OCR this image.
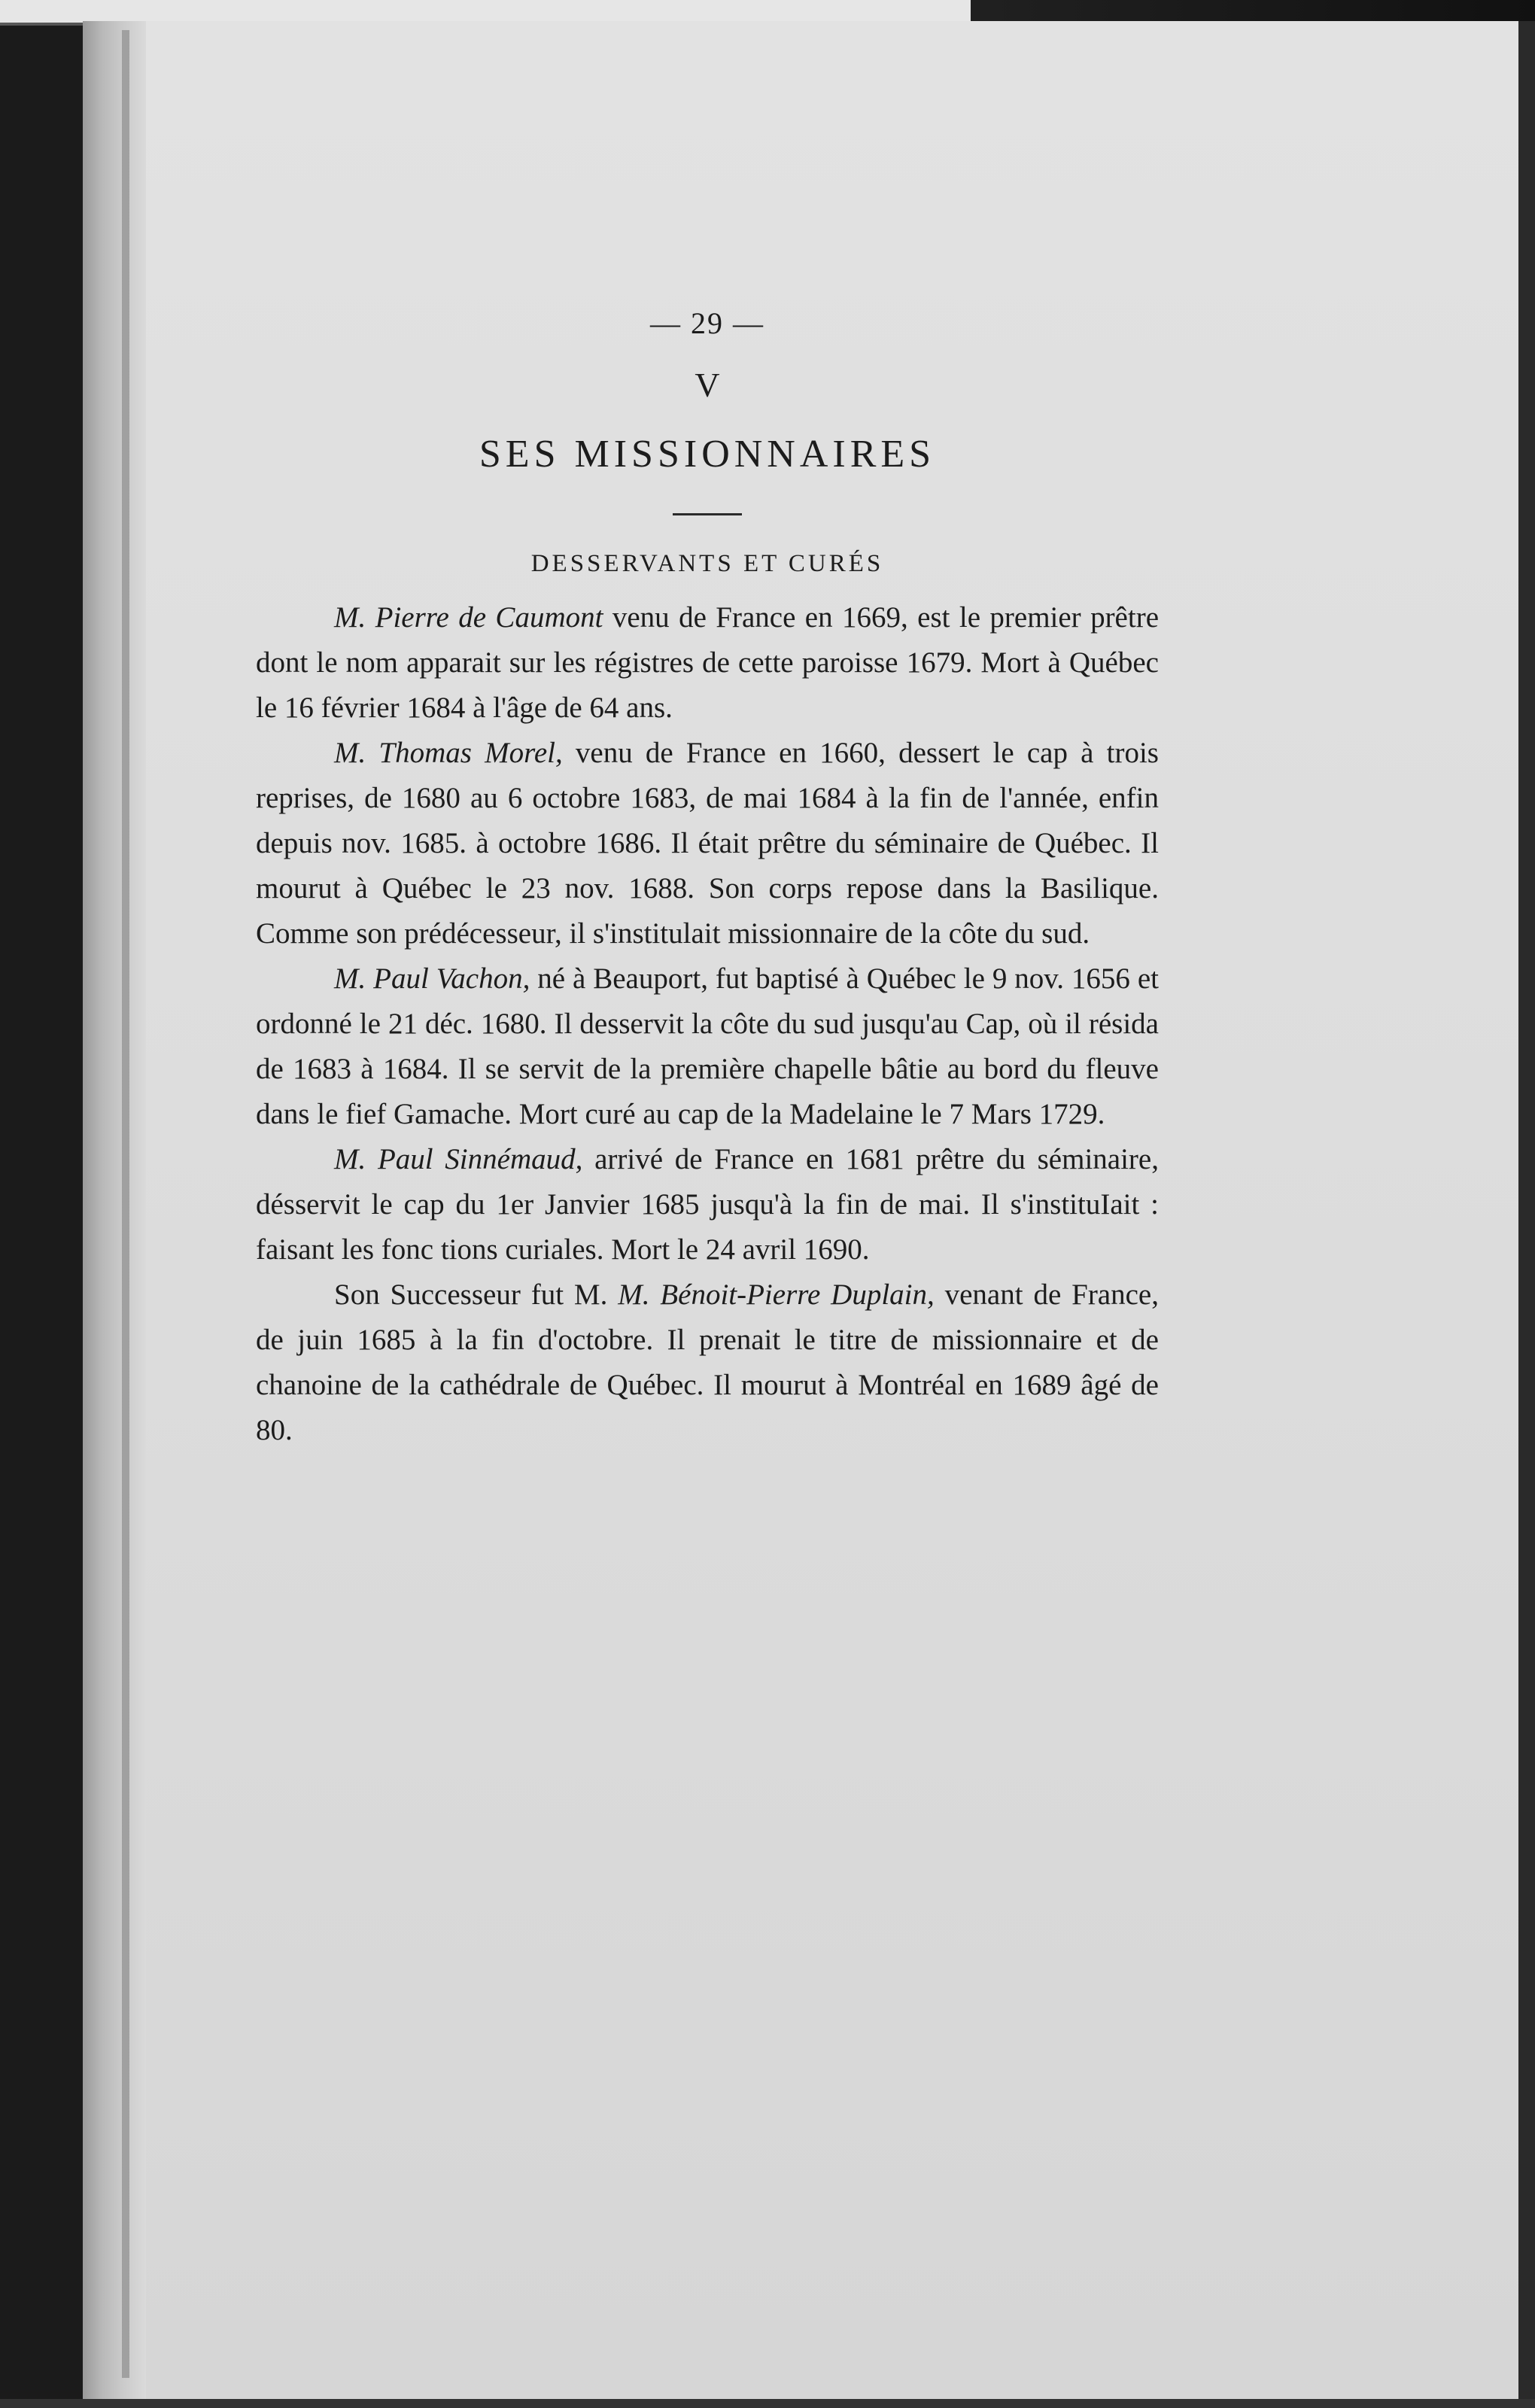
— 29 —

V

SES MISSIONNAIRES

DESSERVANTS ET CURÉS

M. Pierre de Caumont venu de France en 1669, est le premier prêtre dont le nom apparait sur les régistres de cette paroisse 1679. Mort à Québec le 16 février 1684 à l'âge de 64 ans.

M. Thomas Morel, venu de France en 1660, dessert le cap à trois reprises, de 1680 au 6 octobre 1683, de mai 1684 à la fin de l'année, enfin depuis nov. 1685. à octobre 1686. Il était prêtre du séminaire de Québec. Il mourut à Québec le 23 nov. 1688. Son corps repose dans la Basilique. Comme son prédécesseur, il s'institulait missionnaire de la côte du sud.

M. Paul Vachon, né à Beauport, fut baptisé à Québec le 9 nov. 1656 et ordonné le 21 déc. 1680. Il desservit la côte du sud jusqu'au Cap, où il résida de 1683 à 1684. Il se servit de la première chapelle bâtie au bord du fleuve dans le fief Gamache. Mort curé au cap de la Madelaine le 7 Mars 1729.

M. Paul Sinnémaud, arrivé de France en 1681 prêtre du séminaire, désservit le cap du 1er Janvier 1685 jusqu'à la fin de mai. Il s'instituIait : faisant les fonc tions curiales. Mort le 24 avril 1690.

Son Successeur fut M. M. Bénoit-Pierre Duplain, venant de France, de juin 1685 à la fin d'octobre. Il prenait le titre de missionnaire et de chanoine de la cathédrale de Québec. Il mourut à Montréal en 1689 âgé de 80.
